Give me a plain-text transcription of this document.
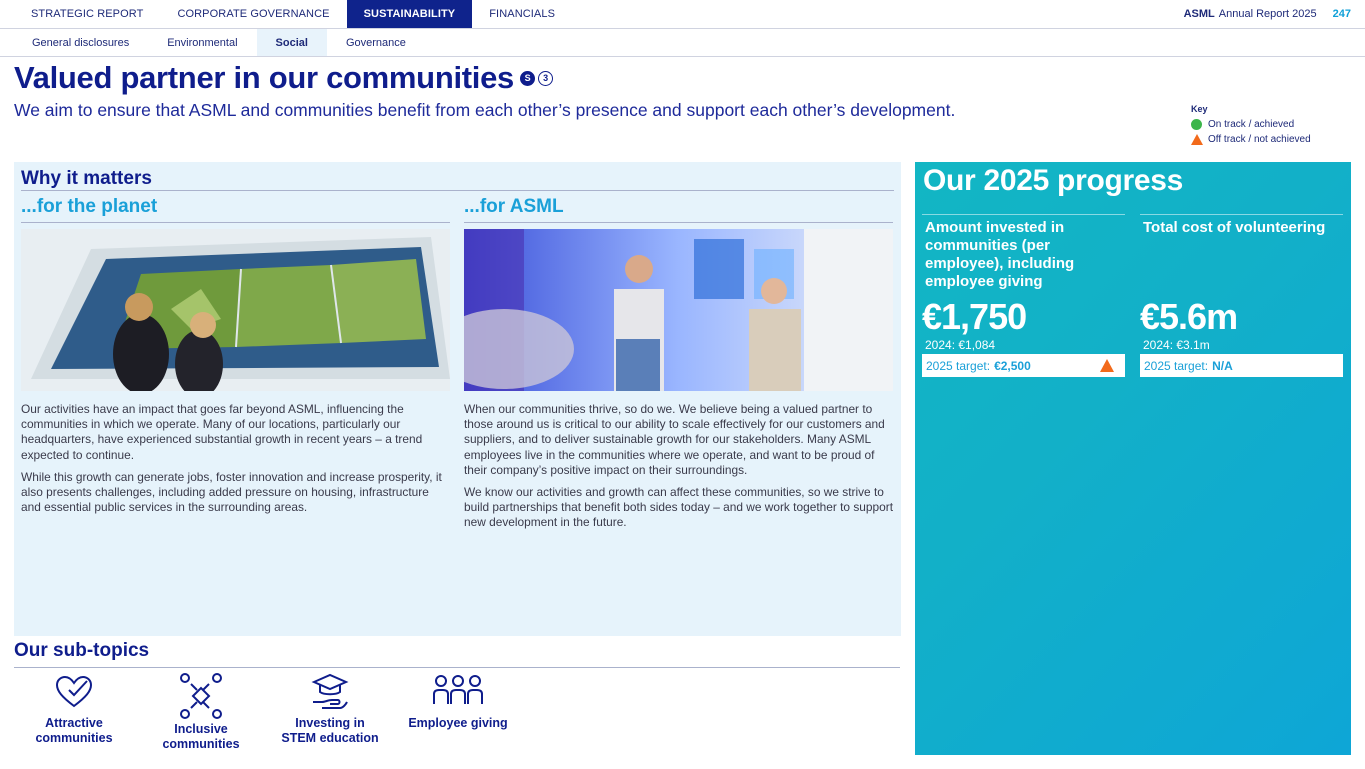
STRATEGIC REPORT	CORPORATE GOVERNANCE	SUSTAINABILITY	FINANCIALS	ASML Annual Report 2025 247
General disclosures	Environmental	Social	Governance
Valued partner in our communities	S	3
We aim to ensure that ASML and communities benefit from each other’s presence and support each other’s development.	Key
On track / achieved
Off track / not achieved
Why it matters
...for the planet

Our activities have an impact that goes far beyond ASML, influencing the communities in which we operate. Many of our locations, particularly our headquarters, have experienced substantial growth in recent years – a trend expected to continue.

While this growth can generate jobs, foster innovation and increase prosperity, it also presents challenges, including added pressure on housing, infrastructure and essential public services in the surrounding areas.

...for ASML

When our communities thrive, so do we. We believe being a valued partner to those around us is critical to our ability to scale effectively for our customers and suppliers, and to deliver sustainable growth for our stakeholders. Many ASML employees live in the communities where we operate, and want to be proud of their company’s positive impact on their surroundings.

We know our activities and growth can affect these communities, so we strive to build partnerships that benefit both sides today – and we work together to support new development in the future.

Our sub-topics
Attractive
communities
Inclusive
communities
Investing in
STEM education
Employee giving
Our 2025 progress
Amount invested in communities (per employee), including employee giving
€1,750
2024: €1,084
2025 target: €2,500
Total cost of volunteering
€5.6m
2024: €3.1m
2025 target: N/A
